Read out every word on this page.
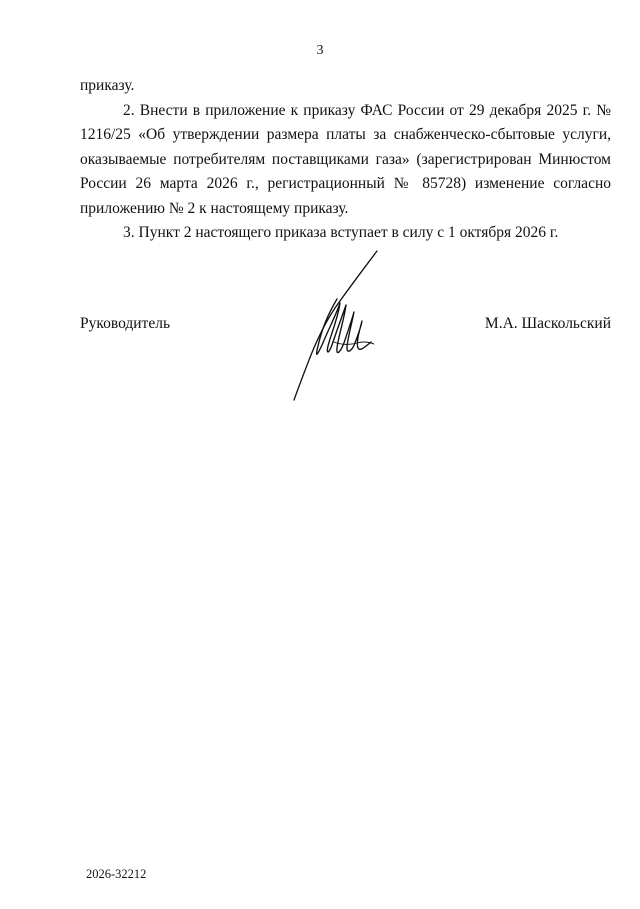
3

приказу.

2. Внести в приложение к приказу ФАС России от 29 декабря 2025 г. № 1216/25 «Об утверждении размера платы за снабженческо-сбытовые услуги, оказываемые потребителям поставщиками газа» (зарегистрирован Минюстом России 26 марта 2026 г., регистрационный № 85728) изменение согласно приложению № 2 к настоящему приказу.

3. Пункт 2 настоящего приказа вступает в силу с 1 октября 2026 г.

Руководитель	М.А. Шаскольский
2026-32212
